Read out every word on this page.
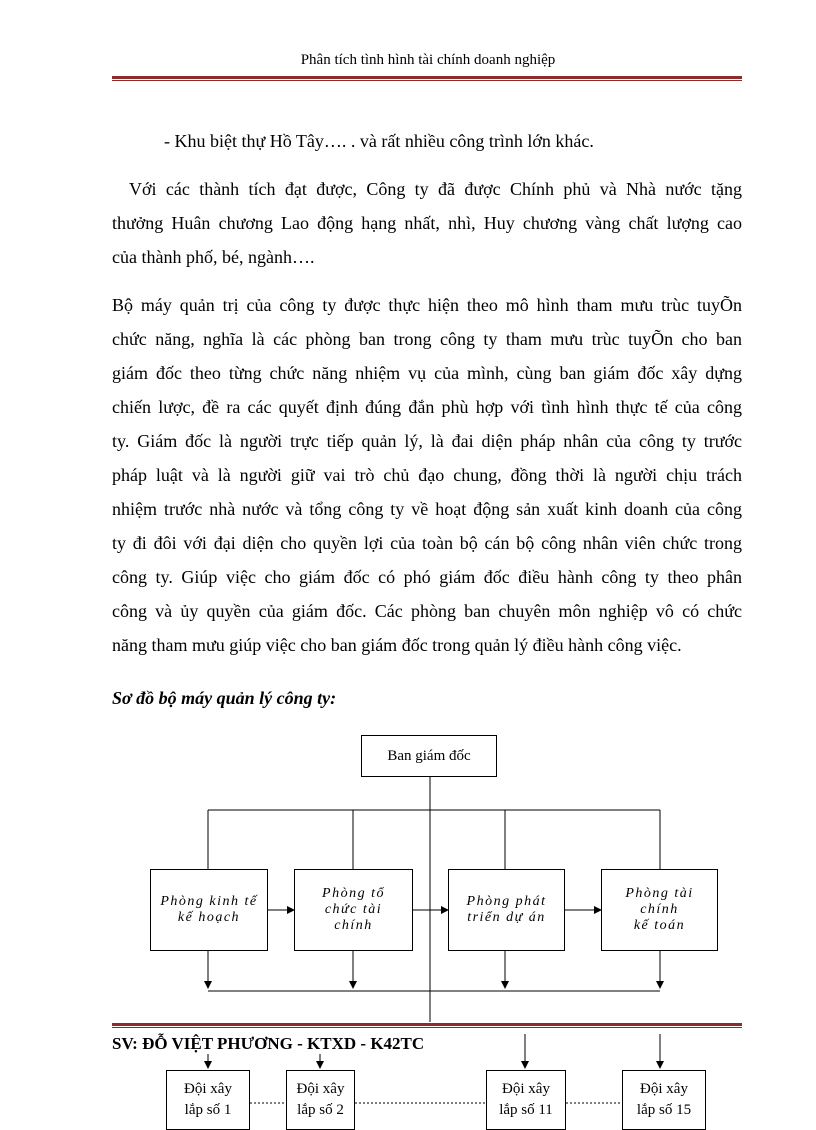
Phân tích tình hình tài chính doanh nghiệp
- Khu biệt thự Hồ Tây…. . và rất nhiều công trình lớn khác.
Với các thành tích đạt được, Công ty đã được Chính phủ và Nhà nước tặng
thưởng Huân chương Lao động hạng nhất, nhì, Huy chương vàng chất lượng cao
của thành phố, bé, ngành….
Bộ máy quản trị của công ty được thực hiện theo mô hình tham mưu trùc tuyÕn
chức năng, nghĩa là các phòng ban trong công ty tham mưu trùc tuyÕn cho ban
giám đốc theo từng chức năng nhiệm vụ của mình, cùng ban giám đốc xây dựng
chiến lược, đề ra các quyết định đúng đắn phù hợp với tình hình thực tế của công
ty. Giám đốc là người trực tiếp quản lý, là đai diện pháp nhân của công ty trước
pháp luật và là người giữ vai trò chủ đạo chung, đồng thời là người chịu trách
nhiệm trước nhà nước và tổng công ty về hoạt động sản xuất kinh doanh của công
ty đi đôi với đại diện cho quyền lợi của toàn bộ cán bộ công nhân viên chức trong
công ty. Giúp việc cho giám đốc có phó giám đốc điều hành công ty theo phân
công và ủy quyền của giám đốc. Các phòng ban chuyên môn nghiệp vô có chức
năng tham mưu giúp việc cho ban giám đốc trong quản lý điều hành công việc.
Sơ đồ bộ máy quản lý công ty:
Ban giám đốc
Phòng kinh tế
kế hoạch
Phòng tổ
chức tài
chính
Phòng phát
triển dự án
Phòng tài
chính
kế toán
SV: ĐỖ VIỆT PHƯƠNG - KTXD - K42TC
Đội xây
lắp số 1
Đội xây
lắp số 2
Đội xây
lắp số 11
Đội xây
lắp số 15
